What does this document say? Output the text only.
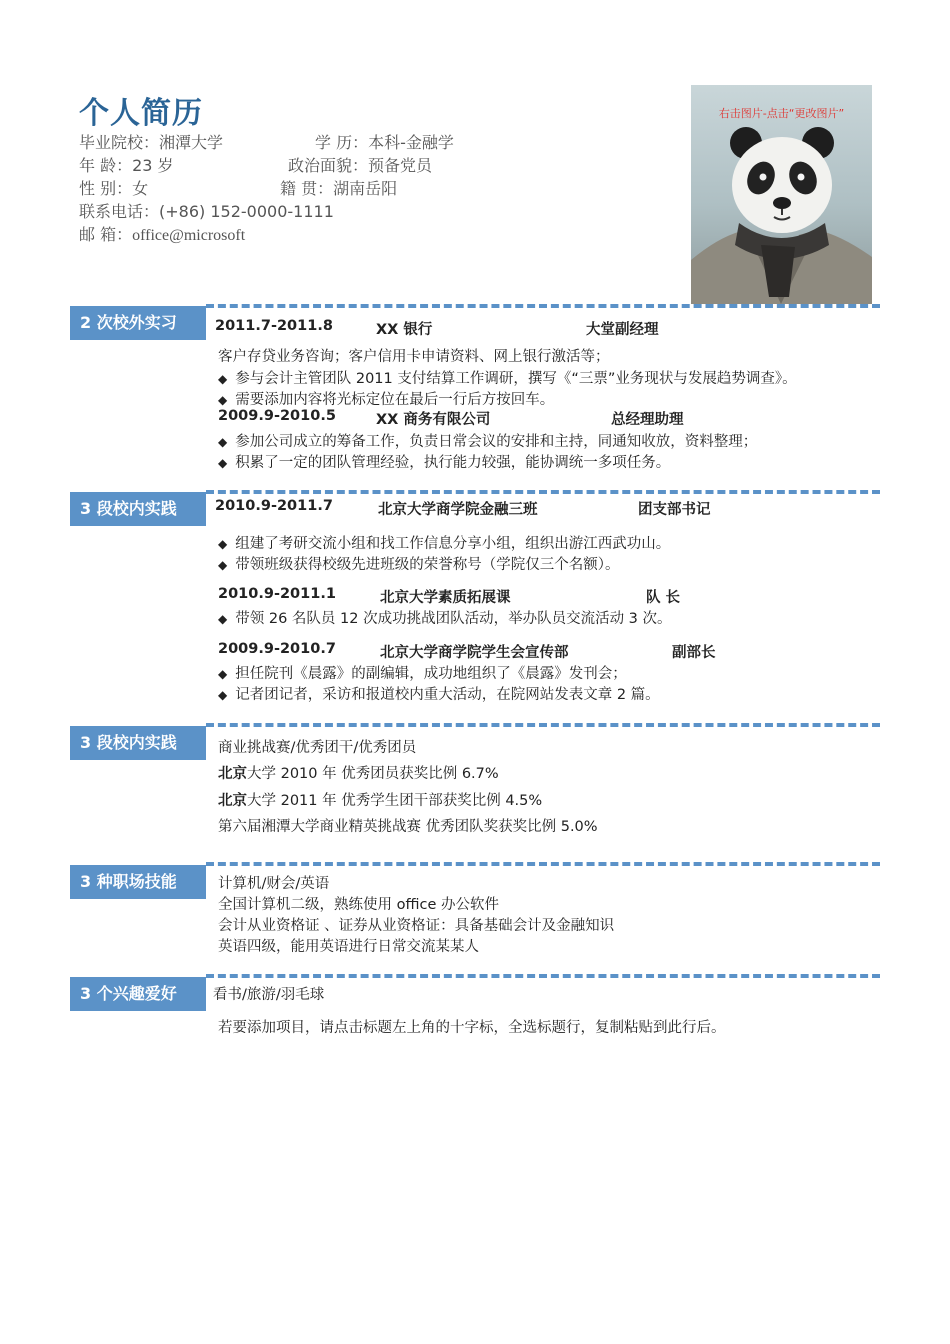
个人简历
毕业院校：湘潭大学	学 历：本科-金融学
年 龄：23 岁	政治面貌：预备党员
性 别：女	籍 贯：湖南岳阳
联系电话：(+86) 152-0000-1111
邮 箱：office@microsoft
右击图片-点击“更改图片”
2 次校外实习	2011.7-2011.8	XX 银行	大堂副经理
客户存贷业务咨询；客户信用卡申请资料、网上银行激活等；
◆ 参与会计主管团队 2011 支付结算工作调研，撰写《“三票”业务现状与发展趋势调查》。
◆ 需要添加内容将光标定位在最后一行后方按回车。
2009.9-2010.5	XX 商务有限公司	总经理助理
◆ 参加公司成立的筹备工作，负责日常会议的安排和主持，同通知收放，资料整理；
◆ 积累了一定的团队管理经验，执行能力较强，能协调统一多项任务。
3 段校内实践	2010.9-2011.7	北京大学商学院金融三班	团支部书记
◆ 组建了考研交流小组和找工作信息分享小组，组织出游江西武功山。
◆ 带领班级获得校级先进班级的荣誉称号（学院仅三个名额）。
2010.9-2011.1	北京大学素质拓展课	队 长
◆ 带领 26 名队员 12 次成功挑战团队活动，举办队员交流活动 3 次。
2009.9-2010.7	北京大学商学院学生会宣传部	副部长
◆ 担任院刊《晨露》的副编辑，成功地组织了《晨露》发刊会；
◆ 记者团记者，采访和报道校内重大活动，在院网站发表文章 2 篇。
3 段校内实践	商业挑战赛/优秀团干/优秀团员
北京大学 2010 年 优秀团员获奖比例 6.7%
北京大学 2011 年 优秀学生团干部获奖比例 4.5%
第六届湘潭大学商业精英挑战赛 优秀团队奖获奖比例 5.0%
3 种职场技能	计算机/财会/英语
全国计算机二级，熟练使用 office 办公软件
会计从业资格证 、证券从业资格证：具备基础会计及金融知识
英语四级，能用英语进行日常交流某某人
3 个兴趣爱好	看书/旅游/羽毛球
若要添加项目，请点击标题左上角的十字标，全选标题行，复制粘贴到此行后。
